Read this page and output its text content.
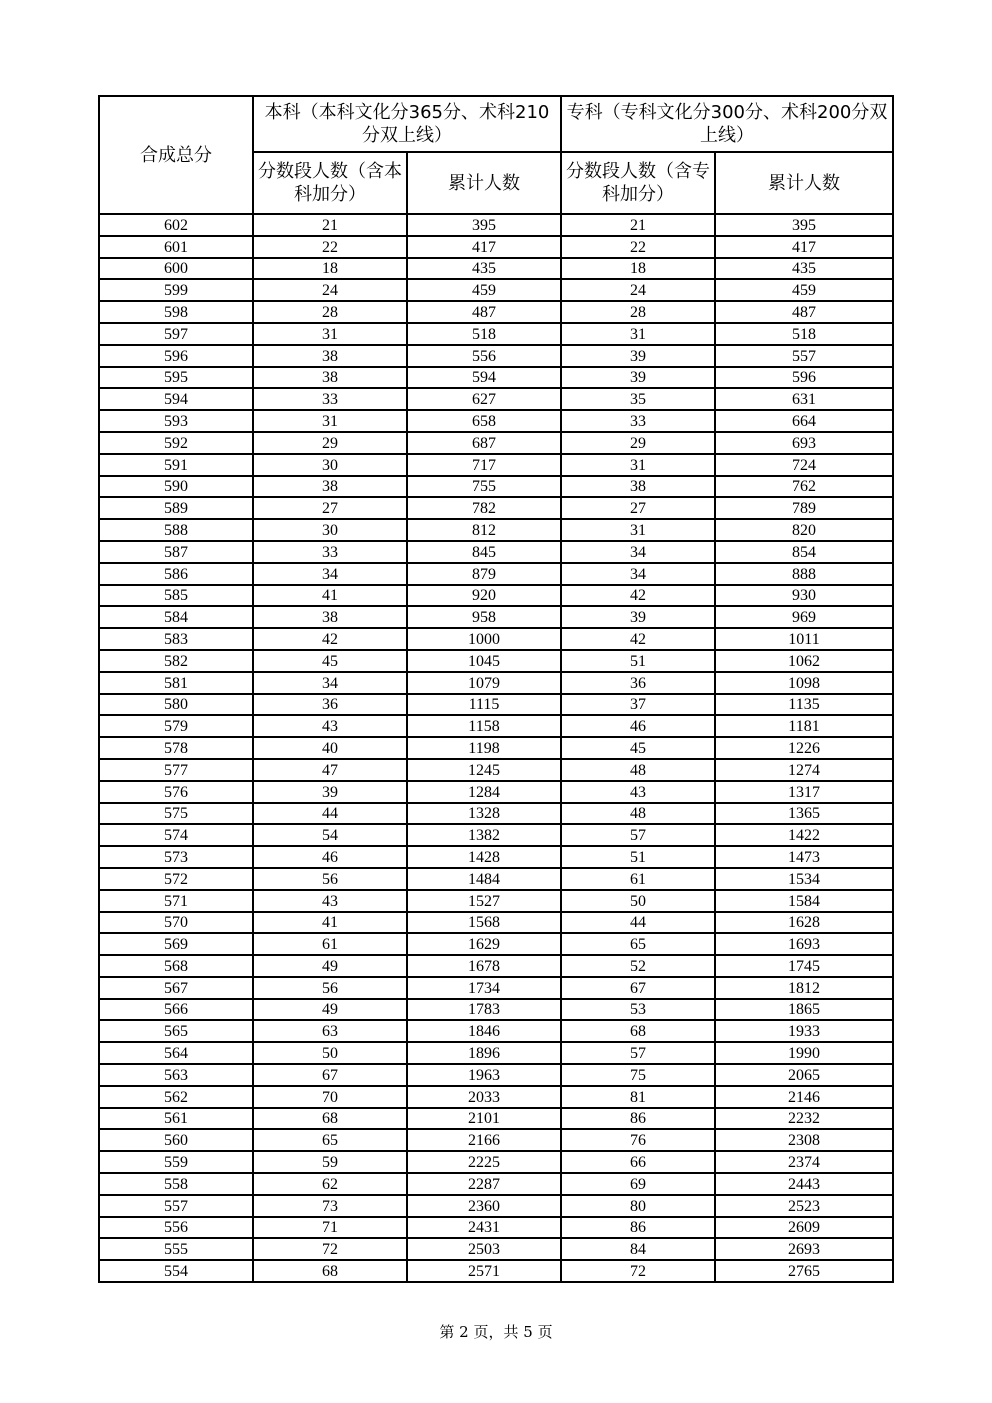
合成总分	本科（本科文化分365分、术科210分双上线）		专科（专科文化分300分、术科200分双上线）	
	分数段人数（含本科加分）	累计人数	分数段人数（含专科加分）	累计人数
602	21	395	21	395
601	22	417	22	417
600	18	435	18	435
599	24	459	24	459
598	28	487	28	487
597	31	518	31	518
596	38	556	39	557
595	38	594	39	596
594	33	627	35	631
593	31	658	33	664
592	29	687	29	693
591	30	717	31	724
590	38	755	38	762
589	27	782	27	789
588	30	812	31	820
587	33	845	34	854
586	34	879	34	888
585	41	920	42	930
584	38	958	39	969
583	42	1000	42	1011
582	45	1045	51	1062
581	34	1079	36	1098
580	36	1115	37	1135
579	43	1158	46	1181
578	40	1198	45	1226
577	47	1245	48	1274
576	39	1284	43	1317
575	44	1328	48	1365
574	54	1382	57	1422
573	46	1428	51	1473
572	56	1484	61	1534
571	43	1527	50	1584
570	41	1568	44	1628
569	61	1629	65	1693
568	49	1678	52	1745
567	56	1734	67	1812
566	49	1783	53	1865
565	63	1846	68	1933
564	50	1896	57	1990
563	67	1963	75	2065
562	70	2033	81	2146
561	68	2101	86	2232
560	65	2166	76	2308
559	59	2225	66	2374
558	62	2287	69	2443
557	73	2360	80	2523
556	71	2431	86	2609
555	72	2503	84	2693
554	68	2571	72	2765
第 2 页，共 5 页
